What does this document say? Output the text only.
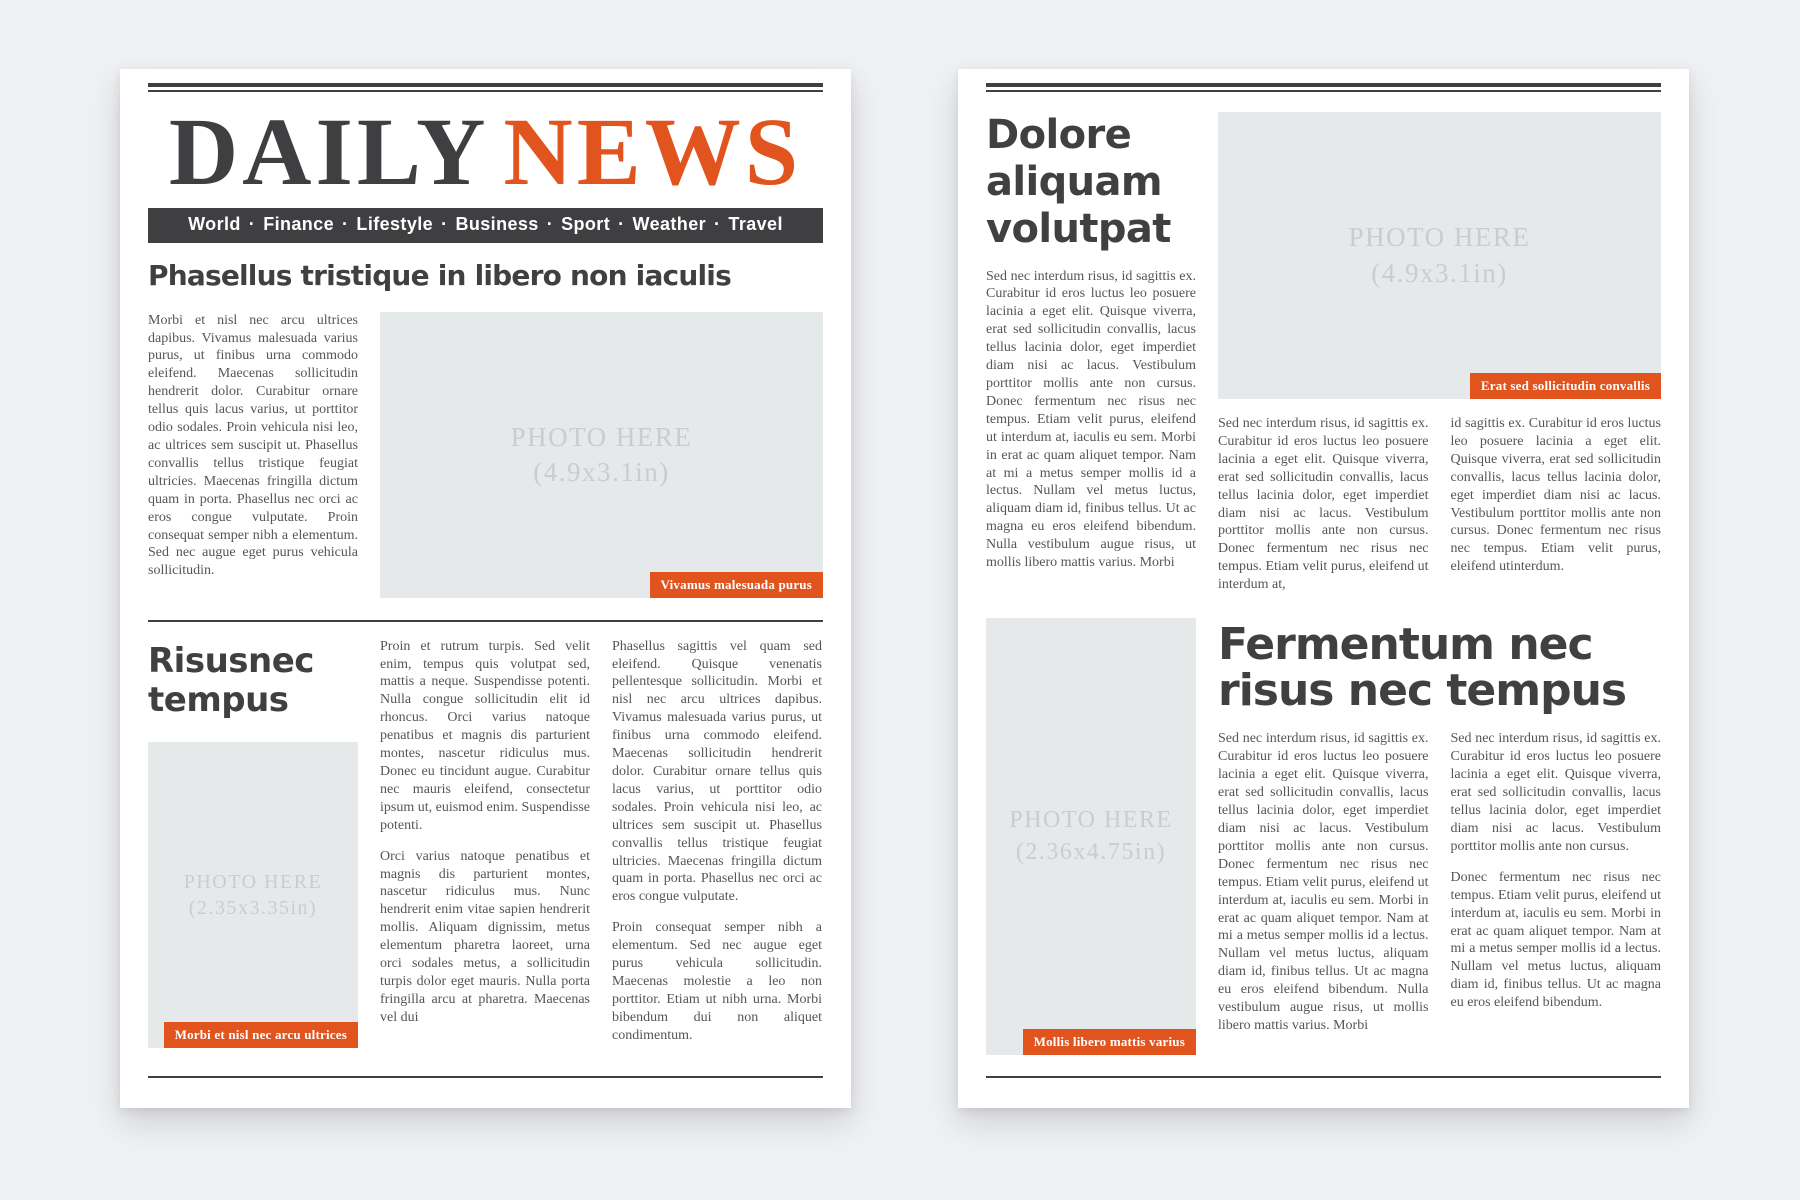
DAILY NEWS
World · Finance · Lifestyle · Business · Sport · Weather · Travel
Phasellus tristique in libero non iaculis
Morbi et nisl nec arcu ultrices dapibus. Vivamus malesuada varius purus, ut finibus urna commodo eleifend. Maecenas sollicitudin hendrerit dolor. Curabitur ornare tellus quis lacus varius, ut porttitor odio sodales. Proin vehicula nisi leo, ac ultrices sem suscipit ut. Phasellus convallis tellus tristique feugiat ultricies. Maecenas fringilla dictum quam in porta. Phasellus nec orci ac eros congue vulputate. Proin consequat semper nibh a elementum. Sed nec augue eget purus vehicula sollicitudin.
PHOTO HERE
(4.9x3.1in)
Vivamus malesuada purus
Risusnec tempus
PHOTO HERE
(2.35x3.35in)
Morbi et nisl nec arcu ultrices

Proin et rutrum turpis. Sed velit enim, tempus quis volutpat sed, mattis a neque. Suspendisse potenti. Nulla congue sollicitudin elit id rhoncus. Orci varius natoque penatibus et magnis dis parturient montes, nascetur ridiculus mus. Donec eu tincidunt augue. Curabitur nec mauris eleifend, consectetur ipsum ut, euismod enim. Suspendisse potenti.

Orci varius natoque penatibus et magnis dis parturient montes, nascetur ridiculus mus. Nunc hendrerit enim vitae sapien hendrerit mollis. Aliquam dignissim, metus elementum pharetra laoreet, urna orci sodales metus, a sollicitudin turpis dolor eget mauris. Nulla porta fringilla arcu at pharetra. Maecenas vel dui

Phasellus sagittis vel quam sed eleifend. Quisque venenatis pellentesque sollicitudin. Morbi et nisl nec arcu ultrices dapibus. Vivamus malesuada varius purus, ut finibus urna commodo eleifend. Maecenas sollicitudin hendrerit dolor. Curabitur ornare tellus quis lacus varius, ut porttitor odio sodales. Proin vehicula nisi leo, ac ultrices sem suscipit ut. Phasellus convallis tellus tristique feugiat ultricies. Maecenas fringilla dictum quam in porta. Phasellus nec orci ac eros congue vulputate.

Proin consequat semper nibh a elementum. Sed nec augue eget purus vehicula sollicitudin. Maecenas molestie a leo non porttitor. Etiam ut nibh urna. Morbi bibendum dui non aliquet condimentum.

Dolore aliquam volutpat
Sed nec interdum risus, id sagittis ex. Curabitur id eros luctus leo posuere lacinia a eget elit. Quisque viverra, erat sed sollicitudin convallis, lacus tellus lacinia dolor, eget imperdiet diam nisi ac lacus. Vestibulum porttitor mollis ante non cursus. Donec fermentum nec risus nec tempus. Etiam velit purus, eleifend ut interdum at, iaculis eu sem. Morbi in erat ac quam aliquet tempor. Nam at mi a metus semper mollis id a lectus. Nullam vel metus luctus, aliquam diam id, finibus tellus. Ut ac magna eu eros eleifend bibendum. Nulla vestibulum augue risus, ut mollis libero mattis varius. Morbi
PHOTO HERE
(4.9x3.1in)
Erat sed sollicitudin convallis
Sed nec interdum risus, id sagittis ex. Curabitur id eros luctus leo posuere lacinia a eget elit. Quisque viverra, erat sed sollicitudin convallis, lacus tellus lacinia dolor, eget imperdiet diam nisi ac lacus. Vestibulum porttitor mollis ante non cursus. Donec fermentum nec risus nec tempus. Etiam velit purus, eleifend ut interdum at,
id sagittis ex. Curabitur id eros luctus leo posuere lacinia a eget elit. Quisque viverra, erat sed sollicitudin convallis, lacus tellus lacinia dolor, eget imperdiet diam nisi ac lacus. Vestibulum porttitor mollis ante non cursus. Donec fermentum nec risus nec tempus. Etiam velit purus, eleifend utinterdum.
PHOTO HERE
(2.36x4.75in)
Mollis libero mattis varius
Fermentum nec risus nec tempus
Sed nec interdum risus, id sagittis ex. Curabitur id eros luctus leo posuere lacinia a eget elit. Quisque viverra, erat sed sollicitudin convallis, lacus tellus lacinia dolor, eget imperdiet diam nisi ac lacus. Vestibulum porttitor mollis ante non cursus. Donec fermentum nec risus nec tempus. Etiam velit purus, eleifend ut interdum at, iaculis eu sem. Morbi in erat ac quam aliquet tempor. Nam at mi a metus semper mollis id a lectus. Nullam vel metus luctus, aliquam diam id, finibus tellus. Ut ac magna eu eros eleifend bibendum. Nulla vestibulum augue risus, ut mollis libero mattis varius. Morbi

Sed nec interdum risus, id sagittis ex. Curabitur id eros luctus leo posuere lacinia a eget elit. Quisque viverra, erat sed sollicitudin convallis, lacus tellus lacinia dolor, eget imperdiet diam nisi ac lacus. Vestibulum porttitor mollis ante non cursus.

Donec fermentum nec risus nec tempus. Etiam velit purus, eleifend ut interdum at, iaculis eu sem. Morbi in erat ac quam aliquet tempor. Nam at mi a metus semper mollis id a lectus. Nullam vel metus luctus, aliquam diam id, finibus tellus. Ut ac magna eu eros eleifend bibendum.
